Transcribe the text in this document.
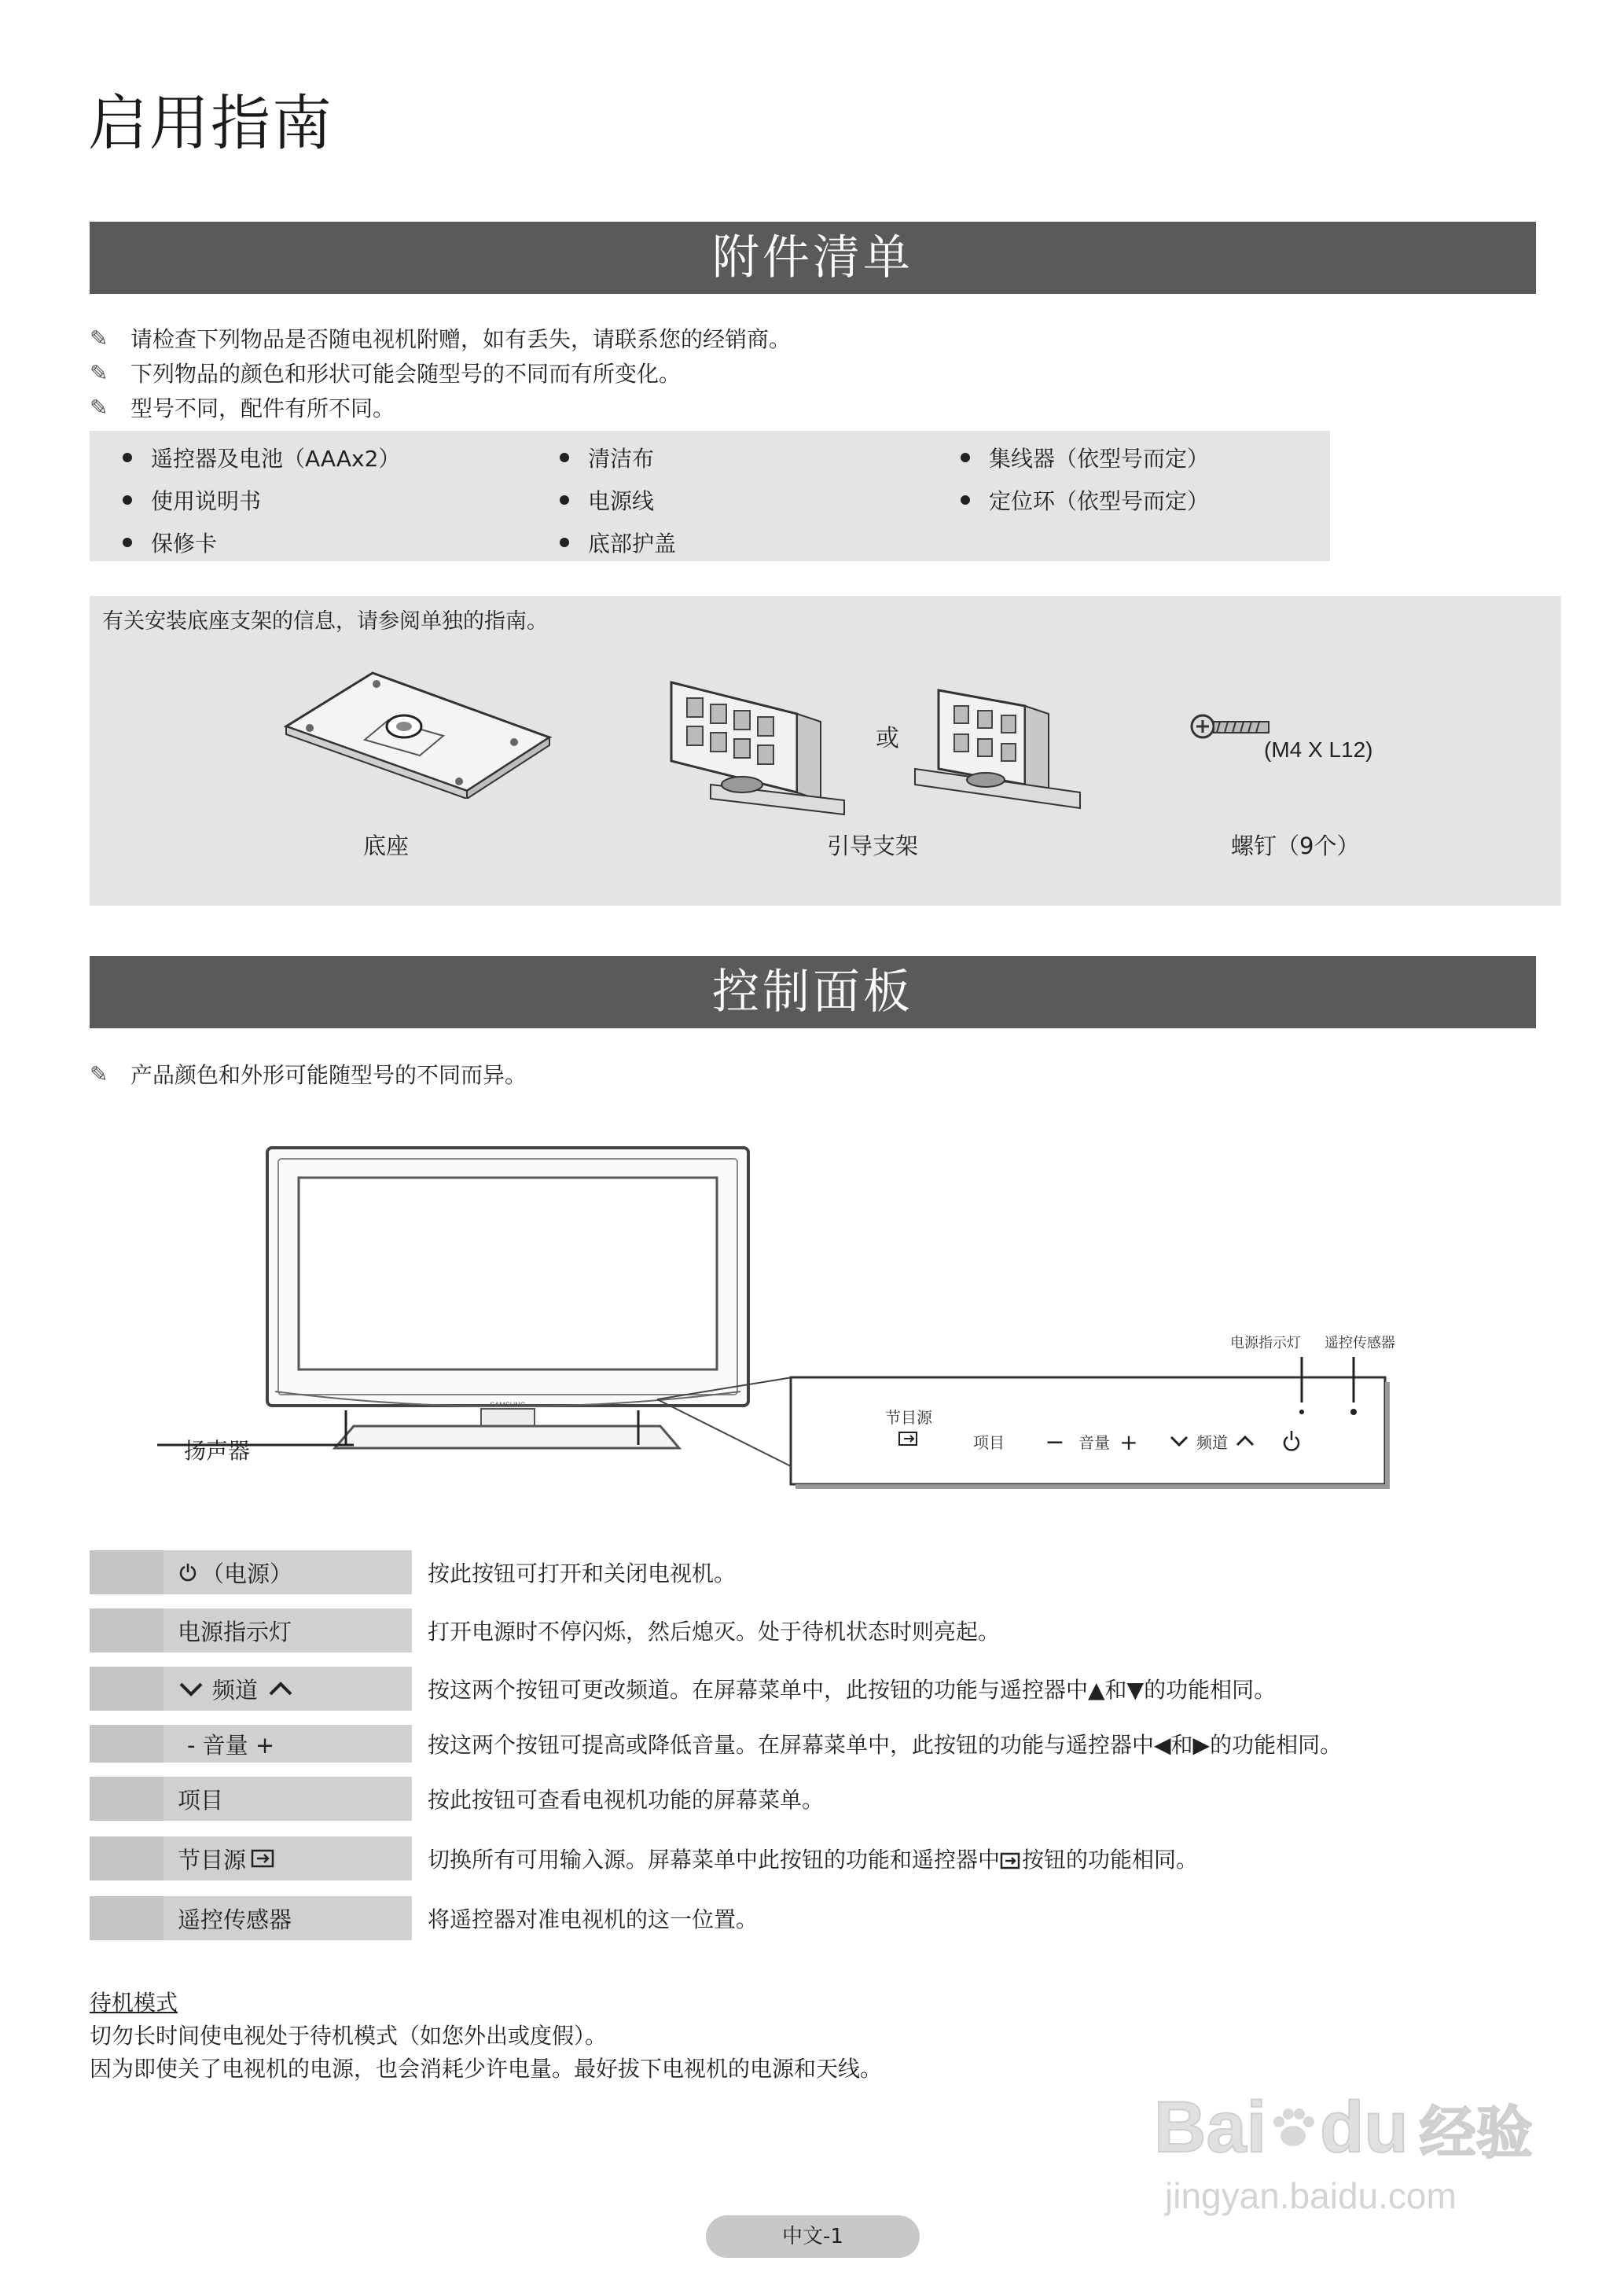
启用指南
附件清单
✎	请检查下列物品是否随电视机附赠，如有丢失，请联系您的经销商。
✎	下列物品的颜色和形状可能会随型号的不同而有所变化。
✎	型号不同，配件有所不同。
遥控器及电池（AAAx2）	清洁布	集线器（依型号而定）
使用说明书	电源线	定位环（依型号而定）
保修卡	底部护盖
有关安装底座支架的信息，请参阅单独的指南。
底座
或
引导支架
(M4 X L12)
螺钉（9个）
控制面板
✎	产品颜色和外形可能随型号的不同而异。
SAMSUNG
节目源
项目 − 音量 +	频道
电源指示灯 遥控传感器
扬声器
（电源）	按此按钮可打开和关闭电视机。
电源指示灯	打开电源时不停闪烁，然后熄灭。处于待机状态时则亮起。
频道	按这两个按钮可更改频道。在屏幕菜单中，此按钮的功能与遥控器中▲和▼的功能相同。
- 音量 +	按这两个按钮可提高或降低音量。在屏幕菜单中，此按钮的功能与遥控器中◀和▶的功能相同。
项目	按此按钮可查看电视机功能的屏幕菜单。
节目源	切换所有可用输入源。屏幕菜单中此按钮的功能和遥控器中 按钮的功能相同。
遥控传感器	将遥控器对准电视机的这一位置。
待机模式
切勿长时间使电视处于待机模式（如您外出或度假）。
因为即使关了电视机的电源，也会消耗少许电量。最好拔下电视机的电源和天线。
Bai du 经验
jingyan.baidu.com
中文-1
